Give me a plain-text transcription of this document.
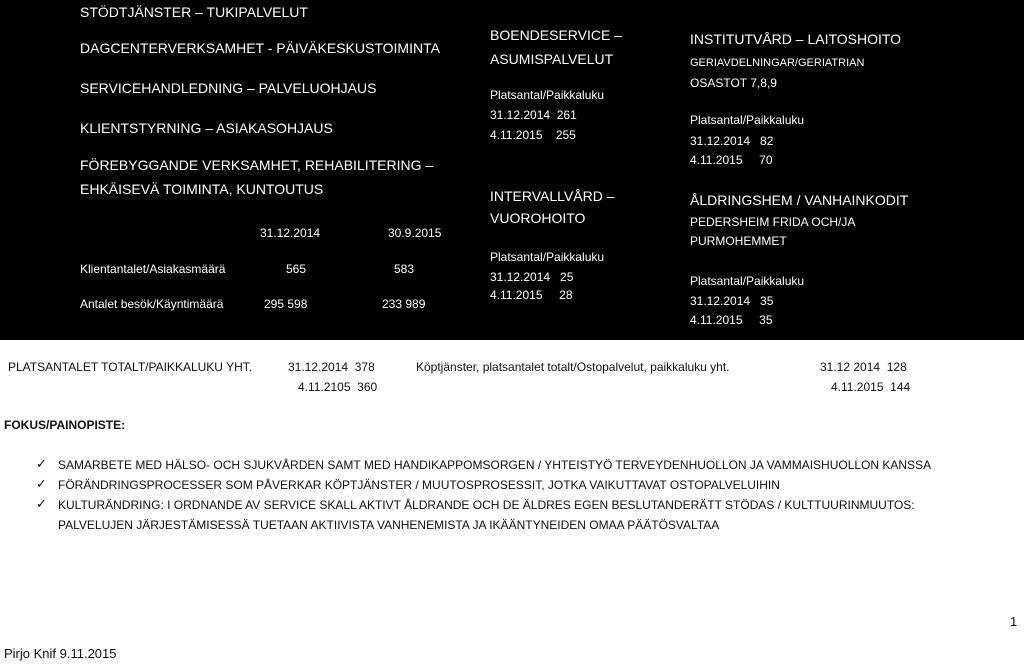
STÖDTJÄNSTER – TUKIPALVELUT
DAGCENTERVERKSAMHET - PÄIVÄKESKUSTOIMINTA
SERVICEHANDLEDNING – PALVELUOHJAUS
KLIENTSTYRNING – ASIAKASOHJAUS
FÖREBYGGANDE VERKSAMHET, REHABILITERING –
EHKÄISEVÄ TOIMINTA, KUNTOUTUS
31.12.2014	30.9.2015
Klientantalet/Asiakasmäärä	565	583
Antalet besök/Käyntimäärä	295 598	233 989
BOENDESERVICE –
ASUMISPALVELUT
Platsantal/Paikkaluku
31.12.2014  261
4.11.2015    255
INTERVALLVÅRD –
VUOROHOITO
Platsantal/Paikkaluku
31.12.2014   25
4.11.2015     28
INSTITUTVÅRD – LAITOSHOITO
GERIAVDELNINGAR/GERIATRIAN
OSASTOT 7,8,9
Platsantal/Paikkaluku
31.12.2014   82
4.11.2015     70
ÅLDRINGSHEM / VANHAINKODIT
PEDERSHEIM FRIDA OCH/JA
PURMOHEMMET
Platsantal/Paikkaluku
31.12.2014   35
4.11.2015     35
PLATSANTALET TOTALT/PAIKKALUKU YHT.	31.12.2014  378
4.11.2105  360
Köptjänster, platsantalet totalt/Ostopalvelut, paikkaluku yht.	31.12 2014  128
4.11.2015  144
FOKUS/PAINOPISTE:
✓ SAMARBETE MED HÄLSO- OCH SJUKVÅRDEN SAMT MED HANDIKAPPOMSORGEN / YHTEISTYÖ TERVEYDENHUOLLON JA VAMMAISHUOLLON KANSSA
✓ FÖRÄNDRINGSPROCESSER SOM PÅVERKAR KÖPTJÄNSTER / MUUTOSPROSESSIT, JOTKA VAIKUTTAVAT OSTOPALVELUIHIN
✓ KULTURÄNDRING: I ORDNANDE AV SERVICE SKALL AKTIVT ÅLDRANDE OCH DE ÄLDRES EGEN BESLUTANDERÄTT STÖDAS / KULTTUURINMUUTOS:
PALVELUJEN JÄRJESTÄMISESSÄ TUETAAN AKTIIVISTA VANHENEMISTA JA IKÄÄNTYNEIDEN OMAA PÄÄTÖSVALTAA
Pirjo Knif 9.11.2015
1
